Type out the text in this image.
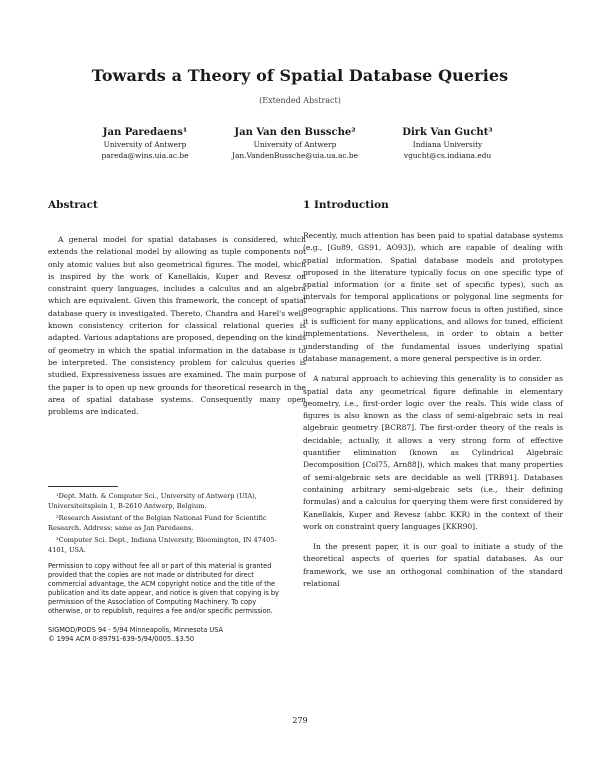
Towards a Theory of Spatial Database Queries
(Extended Abstract)
Jan Paredaens¹
University of Antwerp
pareda@wins.uia.ac.be
Jan Van den Bussche²
University of Antwerp
Jan.VandenBussche@uia.ua.ac.be
Dirk Van Gucht³
Indiana University
vgucht@cs.indiana.edu
Abstract

A general model for spatial databases is considered, which extends the relational model by allowing as tuple components not only atomic values but also geometrical figures. The model, which is inspired by the work of Kanellakis, Kuper and Revesz on constraint query languages, includes a calculus and an algebra which are equivalent. Given this framework, the concept of spatial database query is investigated. Thereto, Chandra and Harel's well-known consistency criterion for classical relational queries is adapted. Various adaptations are proposed, depending on the kinds of geometry in which the spatial information in the database is to be interpreted. The consistency problem for calculus queries is studied. Expressiveness issues are examined. The main purpose of the paper is to open up new grounds for theoretical research in the area of spatial database systems. Consequently many open problems are indicated.

¹Dept. Math. & Computer Sci., University of Antwerp (UIA), Universiteitsplein 1, B-2610 Antwerp, Belgium.

²Research Assistant of the Belgian National Fund for Scientific Research. Address: same as Jan Paredaens.

³Computer Sci. Dept., Indiana University, Bloomington, IN 47405-4101, USA.

Permission to copy without fee all or part of this material is granted provided that the copies are not made or distributed for direct commercial advantage, the ACM copyright notice and the title of the publication and its date appear, and notice is given that copying is by permission of the Association of Computing Machinery. To copy otherwise, or to republish, requires a fee and/or specific permission.

SIGMOD/PODS 94 - 5/94 Minneapolis, Minnesota USA
© 1994 ACM 0-89791-639-5/94/0005..$3.50
1 Introduction

Recently, much attention has been paid to spatial database systems (e.g., [Gu89, GS91, AO93]), which are capable of dealing with spatial information. Spatial database models and prototypes proposed in the literature typically focus on one specific type of spatial information (or a finite set of specific types), such as intervals for temporal applications or polygonal line segments for geographic applications. This narrow focus is often justified, since it is sufficient for many applications, and allows for tuned, efficient implementations. Nevertheless, in order to obtain a better understanding of the fundamental issues underlying spatial database management, a more general perspective is in order.

A natural approach to achieving this generality is to consider as spatial data any geometrical figure definable in elementary geometry, i.e., first-order logic over the reals. This wide class of figures is also known as the class of semi-algebraic sets in real algebraic geometry [BCR87]. The first-order theory of the reals is decidable; actually, it allows a very strong form of effective quantifier elimination (known as Cylindrical Algebraic Decomposition [Col75, Arn88]), which makes that many properties of semi-algebraic sets are decidable as well [TRB91]. Databases containing arbitrary semi-algebraic sets (i.e., their defining formulas) and a calculus for querying them were first considered by Kanellakis, Kuper and Revesz (abbr. KKR) in the context of their work on constraint query languages [KKR90].

In the present paper, it is our goal to initiate a study of the theoretical aspects of queries for spatial databases. As our framework, we use an orthogonal combination of the standard relational

279
